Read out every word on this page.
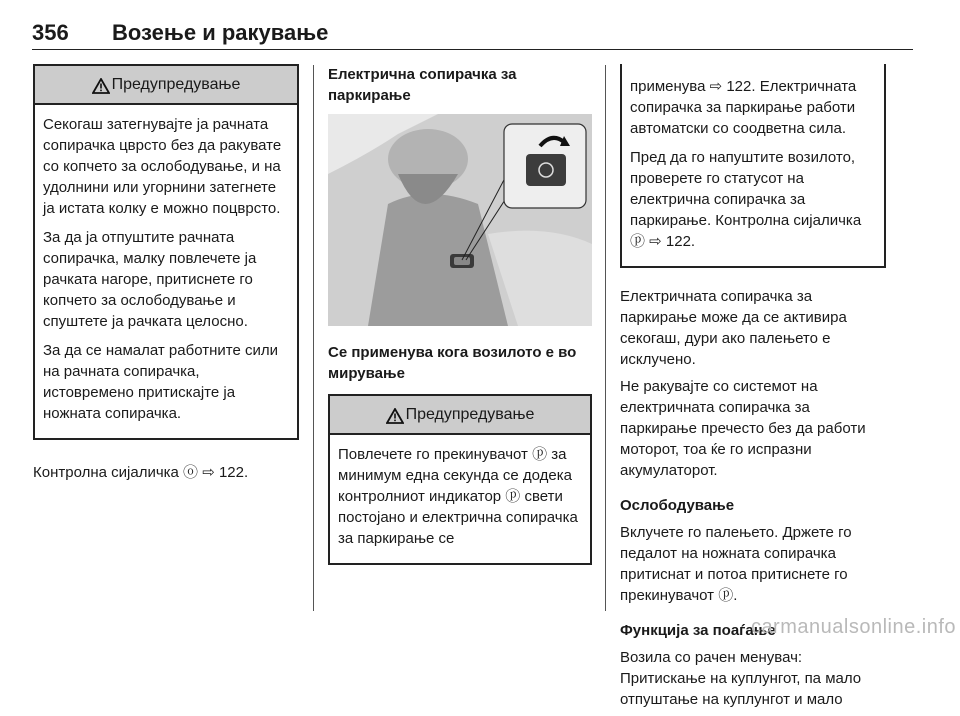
356 Возење и ракување
Предупредување

Секогаш затегнувајте ја рачната сопирачка цврсто без да ракувате со копчето за ослободување, и на удолнини или угорнини затегнете ја истата колку е можно поцврсто.

За да ја отпуштите рачната сопирачка, малку повлечете ја рачката нагоре, притиснете го копчето за ослободување и спуштете ја рачката целосно.

За да се намалат работните сили на рачната сопирачка, истовремено притискајте ја ножната сопирачка.

Контролна сијаличка ⓞ ⇨ 122.

Електрична сопирачка за паркирање

Се применува кога возилото е во мирување

Предупредување

Повлечете го прекинувачот ⓟ за минимум една секунда се додека контролниот индикатор ⓟ свети постојано и електрична сопирачка за паркирање се

применува ⇨ 122. Електричната сопирачка за паркирање работи автоматски со соодветна сила.

Пред да го напуштите возилото, проверете го статусот на електрична сопирачка за паркирање. Контролна сијаличка ⓟ ⇨ 122.

Електричната сопирачка за паркирање може да се активира секогаш, дури ако палењето е исклучено.

Не ракувајте со системот на електричната сопирачка за паркирање пречесто без да работи моторот, тоа ќе го испразни акумулаторот.

Ослободување

Вклучете го палењето. Држете го педалот на ножната сопирачка притиснат и потоа притиснете го прекинувачот ⓟ.

Функција за поаѓање

Возила со рачен менувач: Притискање на куплунгот, па мало отпуштање на куплунгот и мало

carmanualsonline.info
